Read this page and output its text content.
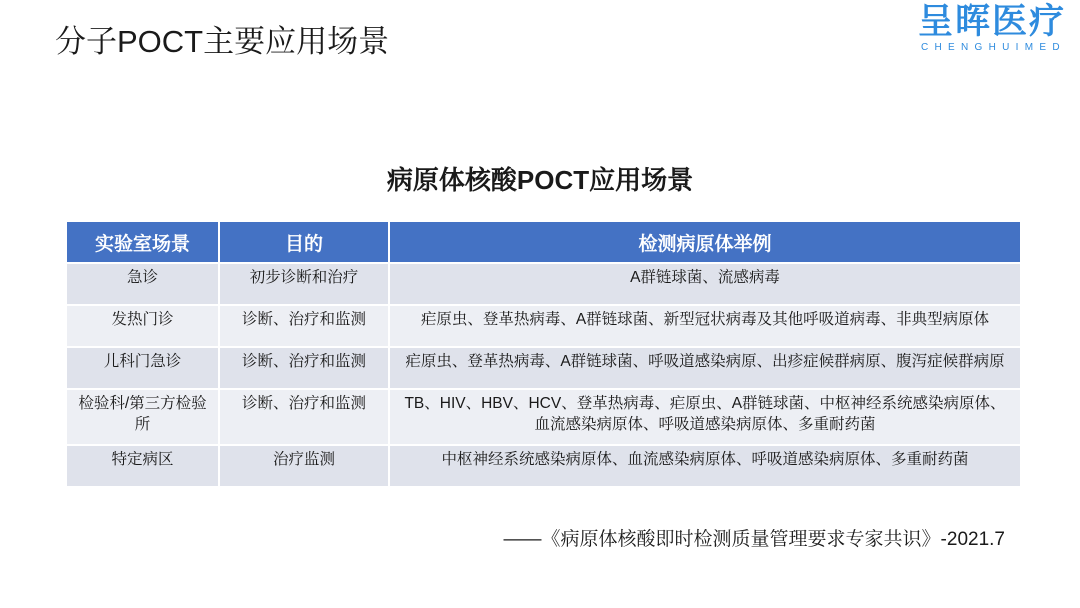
分子POCT主要应用场景
呈晖医疗
CHENGHUIMED
病原体核酸POCT应用场景
实验室场景	目的	检测病原体举例
急诊	初步诊断和治疗	A群链球菌、流感病毒
发热门诊	诊断、治疗和监测	疟原虫、登革热病毒、A群链球菌、新型冠状病毒及其他呼吸道病毒、非典型病原体
儿科门急诊	诊断、治疗和监测	疟原虫、登革热病毒、A群链球菌、呼吸道感染病原、出疹症候群病原、腹泻症候群病原
检验科/第三方检验所	诊断、治疗和监测	TB、HIV、HBV、HCV、登革热病毒、疟原虫、A群链球菌、中枢神经系统感染病原体、
血流感染病原体、呼吸道感染病原体、多重耐药菌
特定病区	治疗监测	中枢神经系统感染病原体、血流感染病原体、呼吸道感染病原体、多重耐药菌
——《病原体核酸即时检测质量管理要求专家共识》-2021.7
